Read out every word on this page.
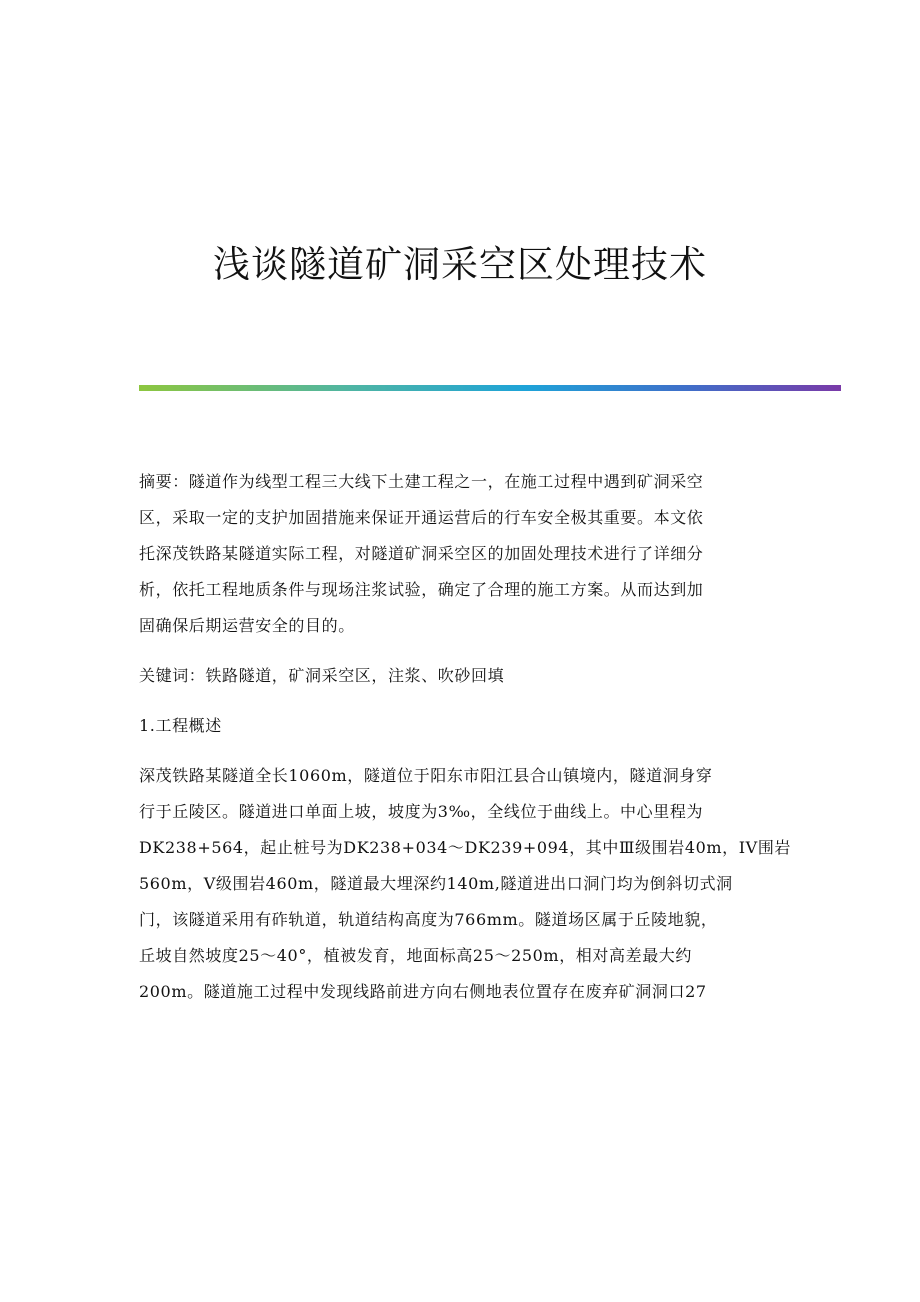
浅谈隧道矿洞采空区处理技术

摘要：隧道作为线型工程三大线下土建工程之一，在施工过程中遇到矿洞采空
区，采取一定的支护加固措施来保证开通运营后的行车安全极其重要。本文依
托深茂铁路某隧道实际工程，对隧道矿洞采空区的加固处理技术进行了详细分
析，依托工程地质条件与现场注浆试验，确定了合理的施工方案。从而达到加
固确保后期运营安全的目的。

关键词：铁路隧道，矿洞采空区，注浆、吹砂回填

1.工程概述

深茂铁路某隧道全长1060m，隧道位于阳东市阳江县合山镇境内，隧道洞身穿
行于丘陵区。隧道进口单面上坡，坡度为3‰，全线位于曲线上。中心里程为
DK238+564，起止桩号为DK238+034～DK239+094，其中Ⅲ级围岩40m，IV围岩
560m，V级围岩460m，隧道最大埋深约140m,隧道进出口洞门均为倒斜切式洞
门，该隧道采用有砟轨道，轨道结构高度为766mm。隧道场区属于丘陵地貌，
丘坡自然坡度25～40°，植被发育，地面标高25～250m，相对高差最大约
200m。隧道施工过程中发现线路前进方向右侧地表位置存在废弃矿洞洞口27
